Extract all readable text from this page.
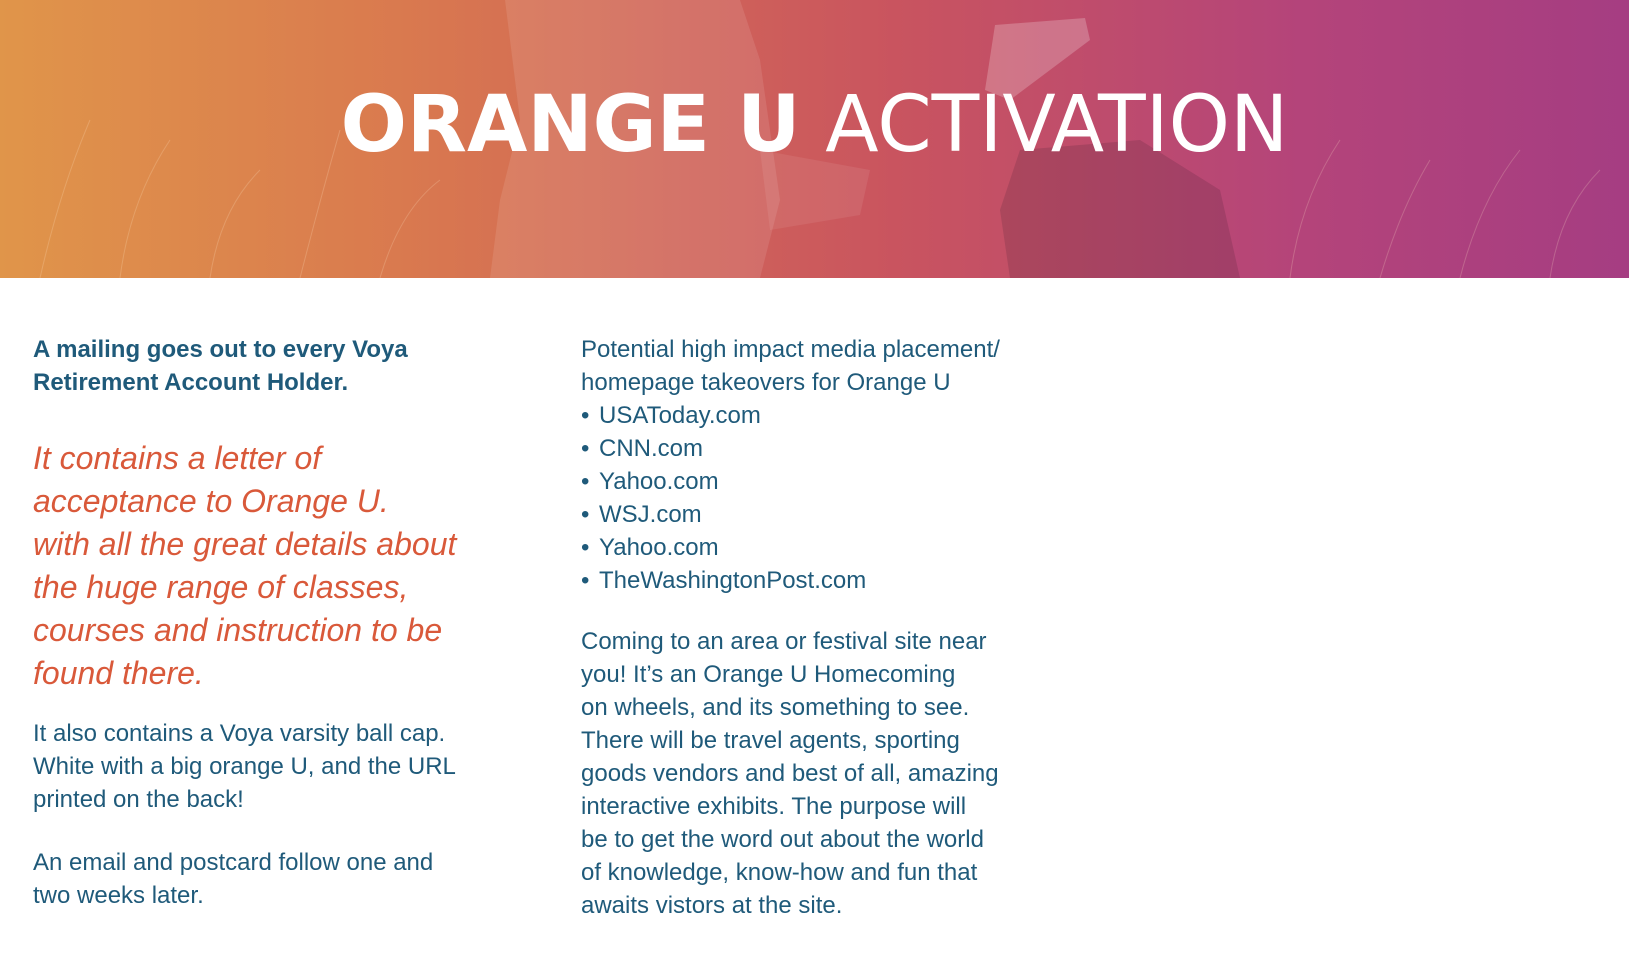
ORANGE U ACTIVATION

A mailing goes out to every Voya Retirement Account Holder.

It contains a letter of
acceptance to Orange U.
with all the great details about
the huge range of classes,
courses and instruction to be
found there.
It also contains a Voya varsity ball cap.
White with a big orange U, and the URL
printed on the back!
An email and postcard follow one and
two weeks later.
Potential high impact media placement/
homepage takeovers for Orange U
• USAToday.com
• CNN.com
• Yahoo.com
• WSJ.com
• Yahoo.com
• TheWashingtonPost.com
Coming to an area or festival site near
you! It’s an Orange U Homecoming
on wheels, and its something to see.
There will be travel agents, sporting
goods vendors and best of all, amazing
interactive exhibits. The purpose will
be to get the word out about the world
of knowledge, know-how and fun that
awaits vistors at the site.
